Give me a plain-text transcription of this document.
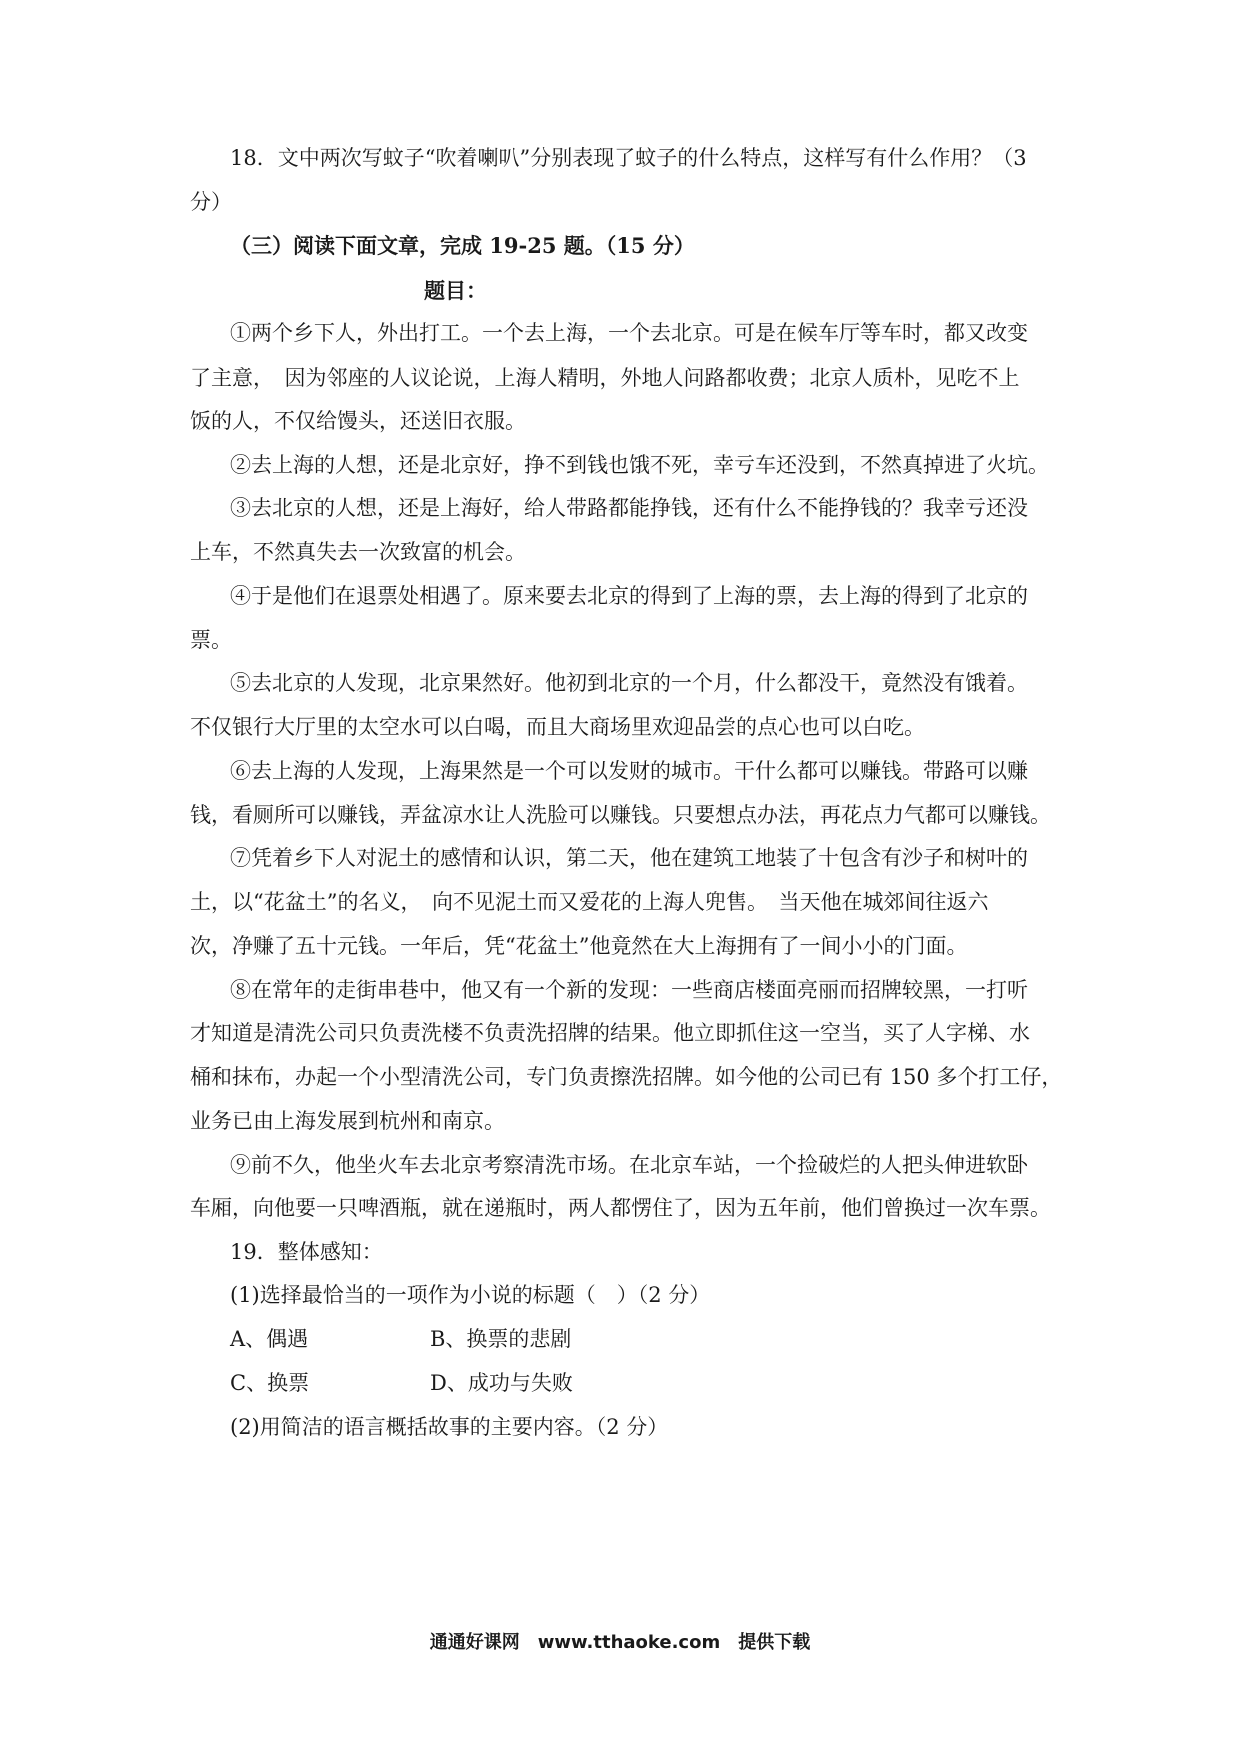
18．文中两次写蚊子“吹着喇叭”分别表现了蚊子的什么特点，这样写有什么作用？（3
分）
（三）阅读下面文章，完成 19-25 题。（15 分）
题目：
①两个乡下人，外出打工。一个去上海，一个去北京。可是在候车厅等车时，都又改变
了主意，　因为邻座的人议论说，上海人精明，外地人问路都收费；北京人质朴，见吃不上
饭的人，不仅给馒头，还送旧衣服。
②去上海的人想，还是北京好，挣不到钱也饿不死，幸亏车还没到，不然真掉进了火坑。
③去北京的人想，还是上海好，给人带路都能挣钱，还有什么不能挣钱的？我幸亏还没
上车，不然真失去一次致富的机会。
④于是他们在退票处相遇了。原来要去北京的得到了上海的票，去上海的得到了北京的
票。
⑤去北京的人发现，北京果然好。他初到北京的一个月，什么都没干，竟然没有饿着。
不仅银行大厅里的太空水可以白喝，而且大商场里欢迎品尝的点心也可以白吃。
⑥去上海的人发现，上海果然是一个可以发财的城市。干什么都可以赚钱。带路可以赚
钱，看厕所可以赚钱，弄盆凉水让人洗脸可以赚钱。只要想点办法，再花点力气都可以赚钱。
⑦凭着乡下人对泥土的感情和认识，第二天，他在建筑工地装了十包含有沙子和树叶的
土，以“花盆土”的名义，　向不见泥土而又爱花的上海人兜售。　当天他在城郊间往返六
次，净赚了五十元钱。一年后，凭“花盆土”他竟然在大上海拥有了一间小小的门面。
⑧在常年的走街串巷中，他又有一个新的发现：一些商店楼面亮丽而招牌较黑，一打听
才知道是清洗公司只负责洗楼不负责洗招牌的结果。他立即抓住这一空当，买了人字梯、水
桶和抹布，办起一个小型清洗公司，专门负责擦洗招牌。如今他的公司已有 150 多个打工仔，
业务已由上海发展到杭州和南京。
⑨前不久，他坐火车去北京考察清洗市场。在北京车站，一个捡破烂的人把头伸进软卧
车厢，向他要一只啤酒瓶，就在递瓶时，两人都愣住了，因为五年前，他们曾换过一次车票。
19．整体感知：
(1)选择最恰当的一项作为小说的标题（　）（2 分）
A、偶遇	B、换票的悲剧
C、换票	D、成功与失败
(2)用简洁的语言概括故事的主要内容。（2 分）
通通好课网　www.tthaoke.com　提供下载
